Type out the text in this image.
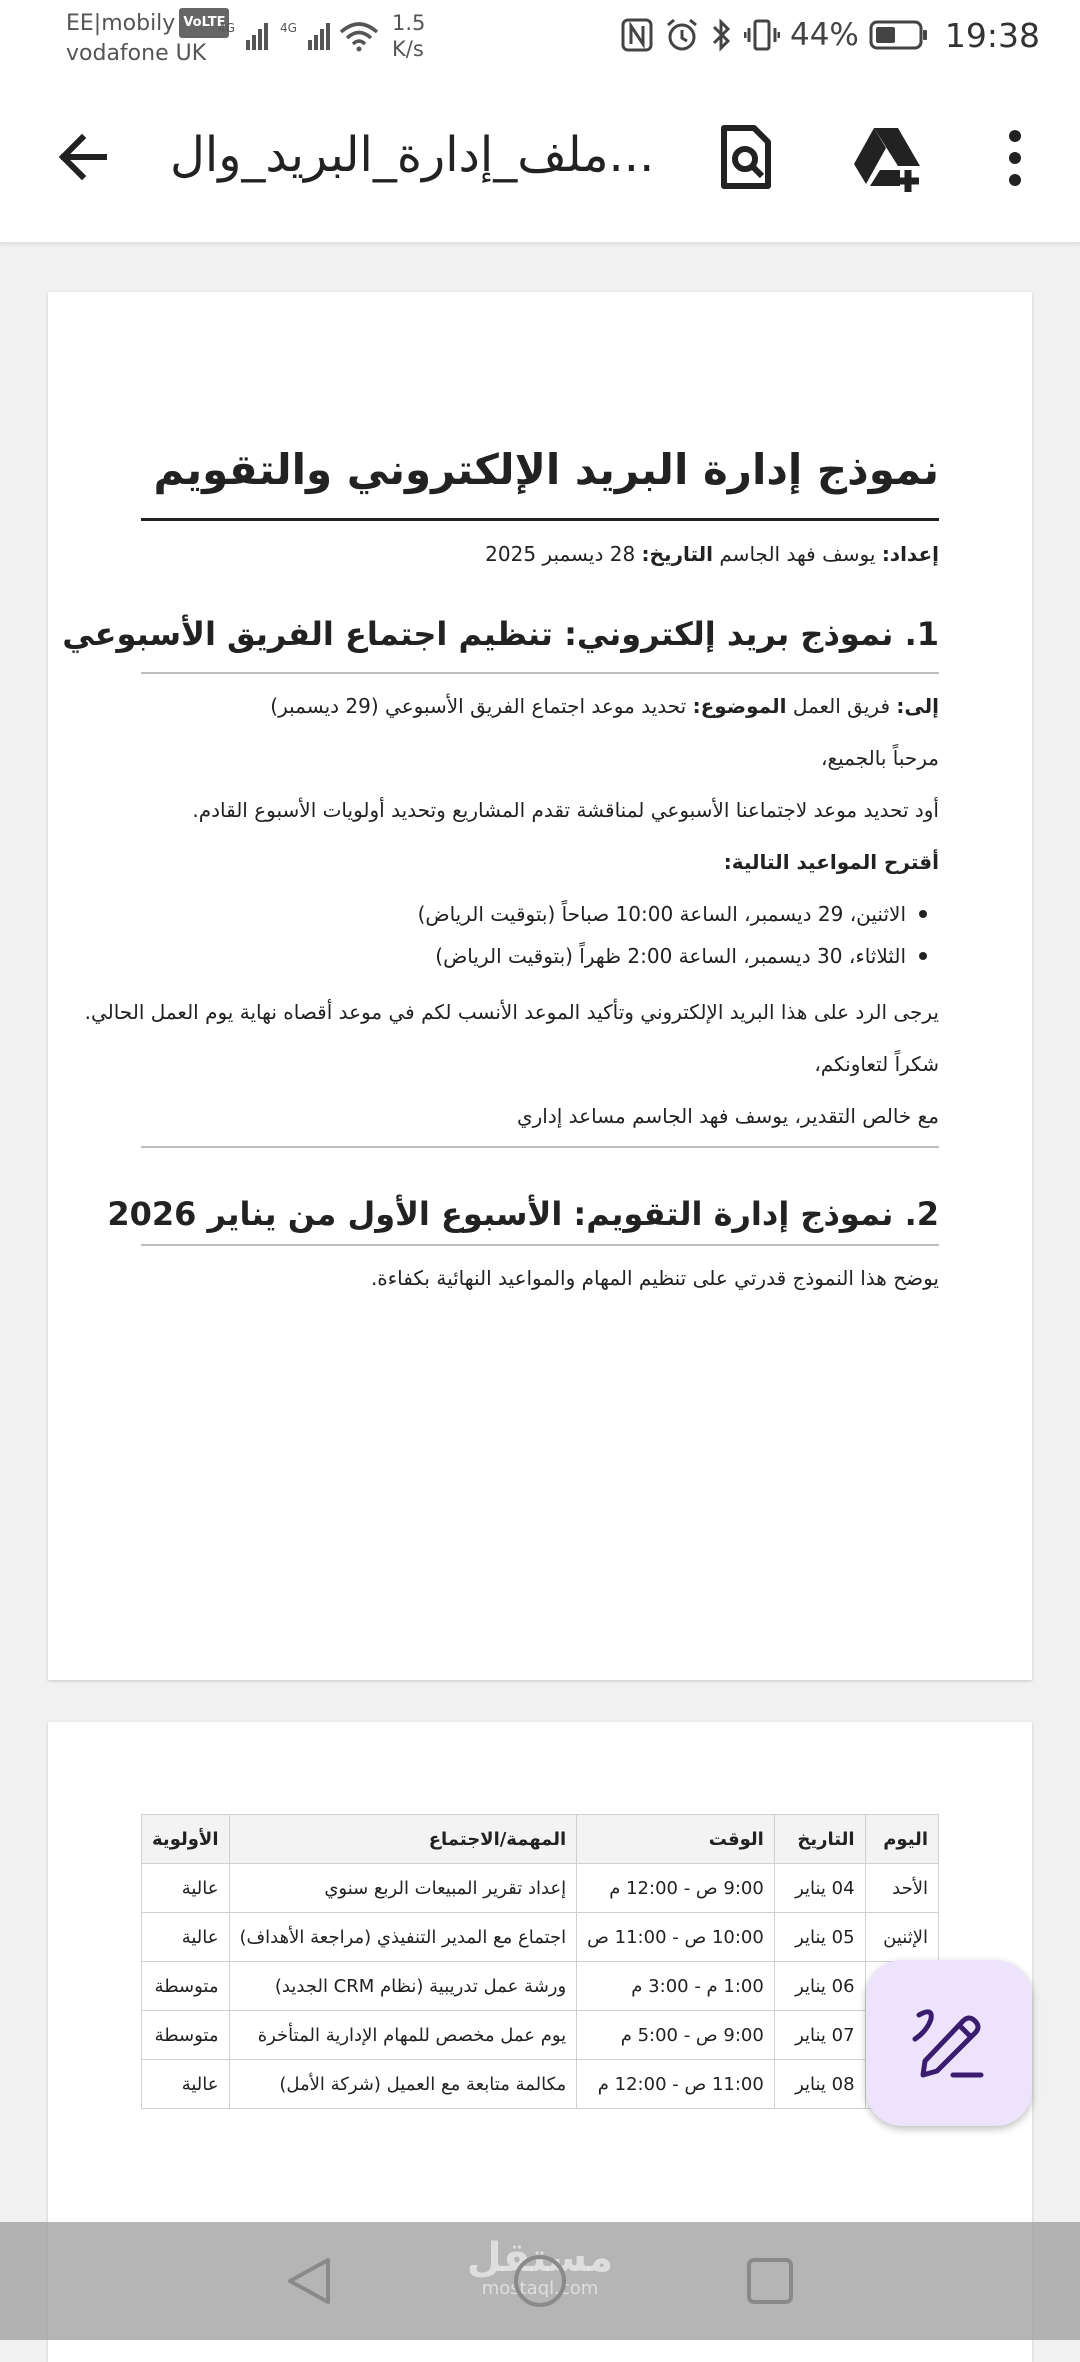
EE|mobily VoLTE
vodafone UK
4G	4G	1.5
K/s	44%	19:38
ملف_إدارة_البريد_وال...
نموذج إدارة البريد الإلكتروني والتقويم
إعداد: يوسف فهد الجاسم التاريخ: 28 ديسمبر 2025
1. نموذج بريد إلكتروني: تنظيم اجتماع الفريق الأسبوعي
إلى: فريق العمل الموضوع: تحديد موعد اجتماع الفريق الأسبوعي (29 ديسمبر)
مرحباً بالجميع،
أود تحديد موعد لاجتماعنا الأسبوعي لمناقشة تقدم المشاريع وتحديد أولويات الأسبوع القادم.
أقترح المواعيد التالية:
الاثنين، 29 ديسمبر، الساعة 10:00 صباحاً (بتوقيت الرياض)
الثلاثاء، 30 ديسمبر، الساعة 2:00 ظهراً (بتوقيت الرياض)
يرجى الرد على هذا البريد الإلكتروني وتأكيد الموعد الأنسب لكم في موعد أقصاه نهاية يوم العمل الحالي.
شكراً لتعاونكم،
مع خالص التقدير، يوسف فهد الجاسم مساعد إداري
2. نموذج إدارة التقويم: الأسبوع الأول من يناير 2026
يوضح هذا النموذج قدرتي على تنظيم المهام والمواعيد النهائية بكفاءة.
اليوم	التاريخ	الوقت	المهمة/الاجتماع	الأولوية
الأحد	04 يناير	9:00 ص - 12:00 م	إعداد تقرير المبيعات الربع سنوي	عالية
الإثنين	05 يناير	10:00 ص - 11:00 ص	اجتماع مع المدير التنفيذي (مراجعة الأهداف)	عالية
	06 يناير	1:00 م - 3:00 م	ورشة عمل تدريبية (نظام CRM الجديد)	متوسطة
	07 يناير	9:00 ص - 5:00 م	يوم عمل مخصص للمهام الإدارية المتأخرة	متوسطة
	08 يناير	11:00 ص - 12:00 م	مكالمة متابعة مع العميل (شركة الأمل)	عالية
مستقل
mostaql.com
